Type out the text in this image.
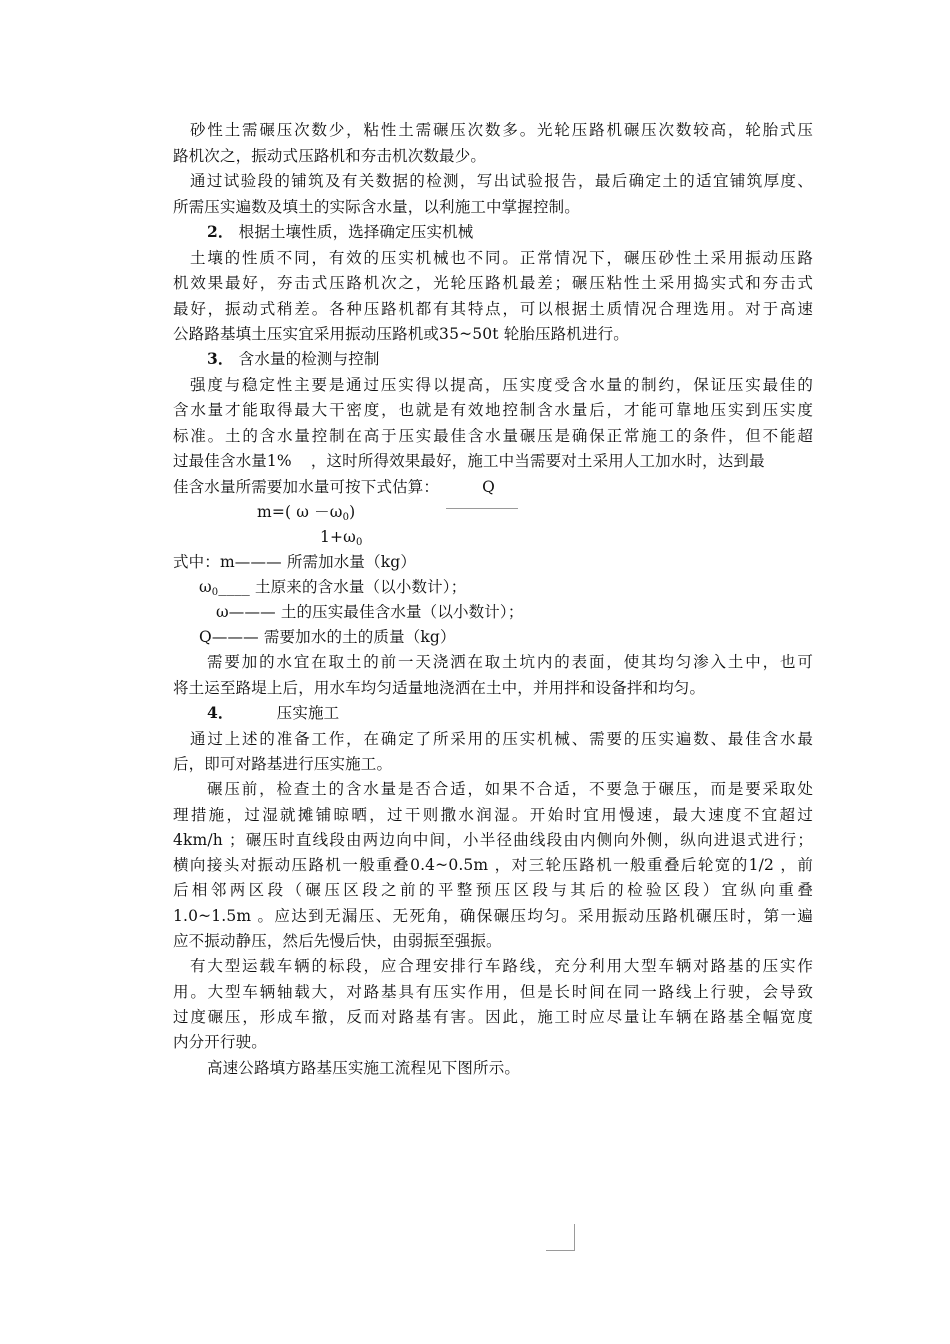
砂性土需碾压次数少，粘性土需碾压次数多。光轮压路机碾压次数较高，轮胎式压
路机次之，振动式压路机和夯击机次数最少。
通过试验段的铺筑及有关数据的检测，写出试验报告，最后确定土的适宜铺筑厚度、
所需压实遍数及填土的实际含水量，以利施工中掌握控制。
2． 根据土壤性质，选择确定压实机械
土壤的性质不同，有效的压实机械也不同。正常情况下，碾压砂性土采用振动压路
机效果最好，夯击式压路机次之，光轮压路机最差；碾压粘性土采用捣实式和夯击式
最好，振动式稍差。各种压路机都有其特点，可以根据土质情况合理选用。对于高速
公路路基填土压实宜采用振动压路机或35~50t 轮胎压路机进行。
3． 含水量的检测与控制
强度与稳定性主要是通过压实得以提高，压实度受含水量的制约，保证压实最佳的
含水量才能取得最大干密度，也就是有效地控制含水量后，才能可靠地压实到压实度
标准。土的含水量控制在高于压实最佳含水量碾压是确保正常施工的条件，但不能超
过最佳含水量1% ，这时所得效果最好，施工中当需要对土采用人工加水时，达到最
佳含水量所需要加水量可按下式估算：	Q
m=( $\omega -\omega_0$)
$1+\omega_0$
式中：m——— 所需加水量（kg）
$\omega_0\_\_\_\_$ 土原来的含水量（以小数计）；
ω——— 土的压实最佳含水量（以小数计）；
Q——— 需要加水的土的质量（kg）
需要加的水宜在取土的前一天浇洒在取土坑内的表面，使其均匀渗入土中，也可
将土运至路堤上后，用水车均匀适量地浇洒在土中，并用拌和设备拌和均匀。
4．	压实施工
通过上述的准备工作，在确定了所采用的压实机械、需要的压实遍数、最佳含水最
后，即可对路基进行压实施工。
碾压前，检查土的含水量是否合适，如果不合适，不要急于碾压，而是要采取处
理措施，过湿就摊铺晾晒，过干则撒水润湿。开始时宜用慢速，最大速度不宜超过
4km/h ；碾压时直线段由两边向中间，小半径曲线段由内侧向外侧，纵向进退式进行；
横向接头对振动压路机一般重叠0.4~0.5m ，对三轮压路机一般重叠后轮宽的1/2 ，前
后相邻两区段（碾压区段之前的平整预压区段与其后的检验区段）宜纵向重叠
1.0~1.5m 。应达到无漏压、无死角，确保碾压均匀。采用振动压路机碾压时，第一遍
应不振动静压，然后先慢后快，由弱振至强振。
有大型运载车辆的标段，应合理安排行车路线，充分利用大型车辆对路基的压实作
用。大型车辆轴载大，对路基具有压实作用，但是长时间在同一路线上行驶，会导致
过度碾压，形成车撤，反而对路基有害。因此，施工时应尽量让车辆在路基全幅宽度
内分开行驶。
高速公路填方路基压实施工流程见下图所示。
